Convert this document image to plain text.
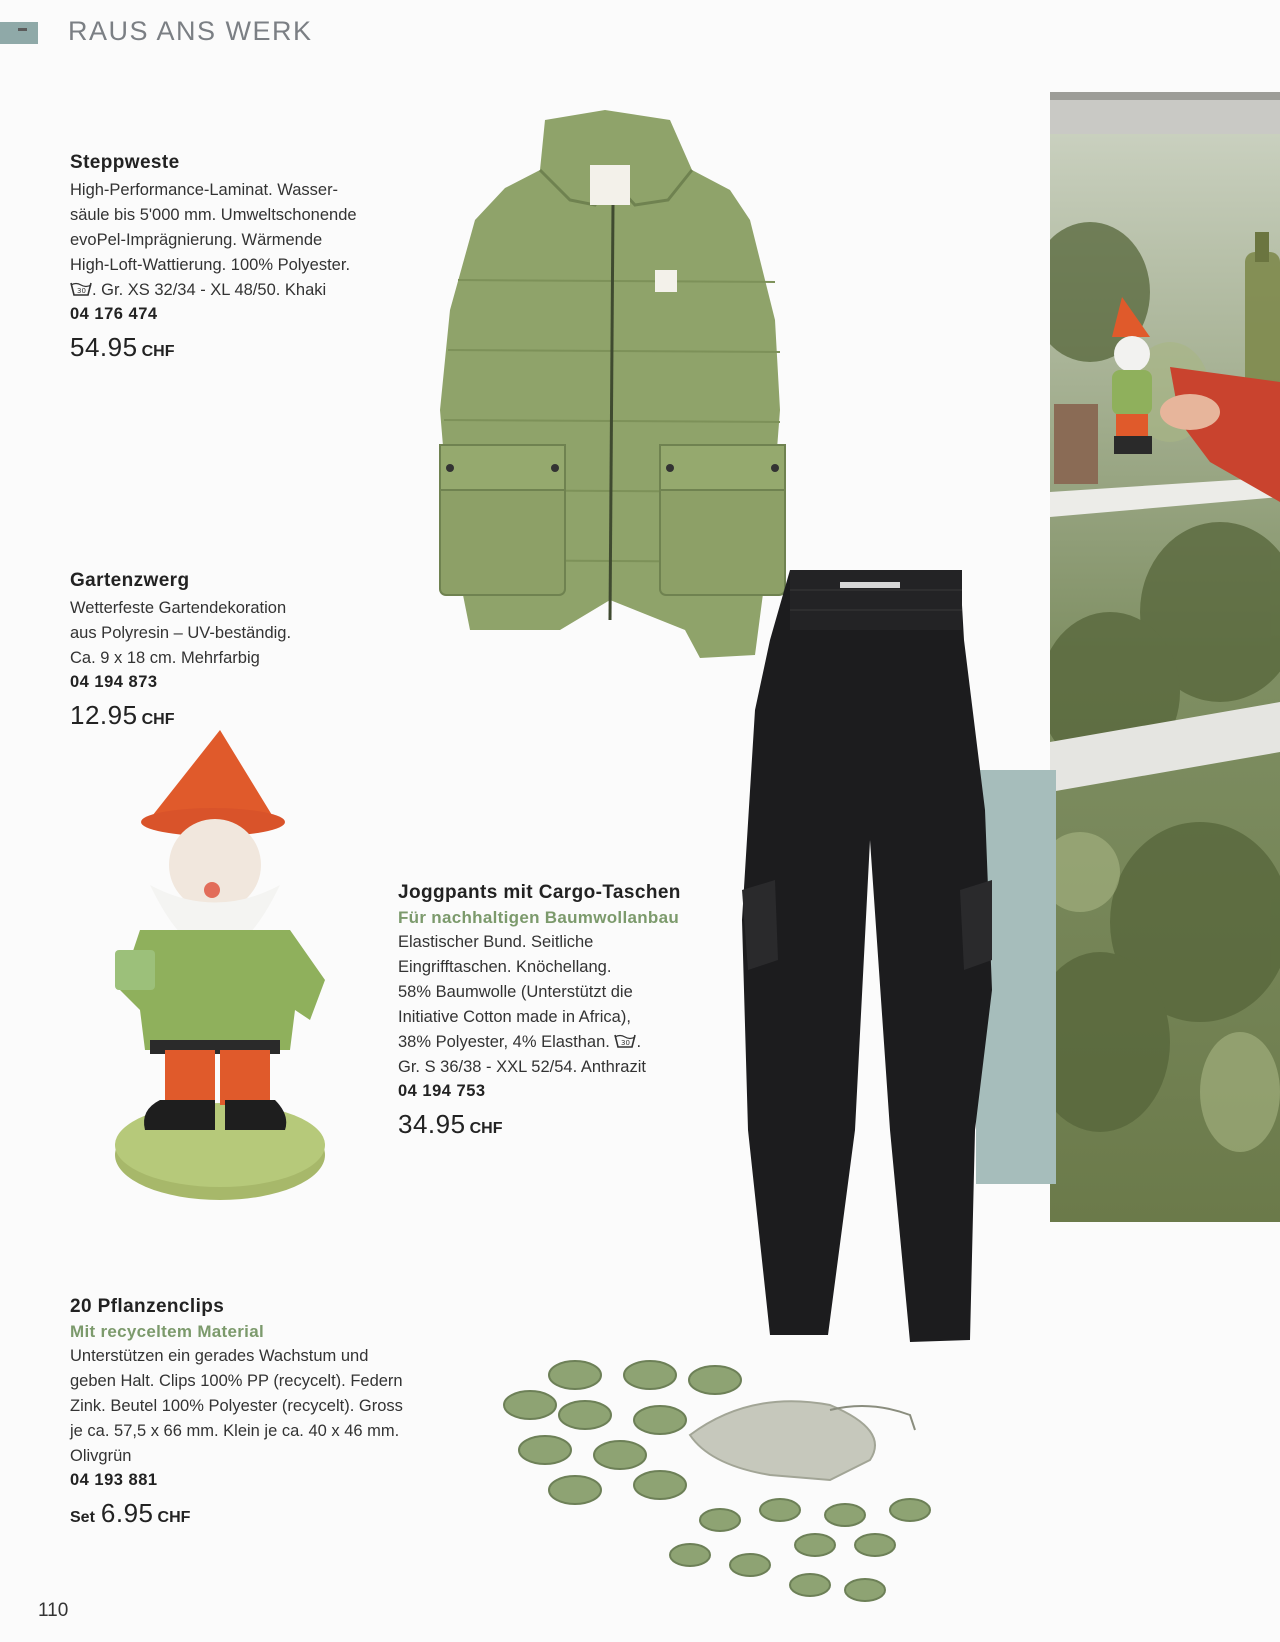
RAUS ANS WERK
Steppweste
High-Performance-Laminat. Wasser-
säule bis 5'000 mm. Umweltschonende
evoPel-Imprägnierung. Wärmende
High-Loft-Wattierung. 100% Polyester.
30 . Gr. XS 32/34 - XL 48/50. Khaki
04 176 474
54.95 CHF
Gartenzwerg
Wetterfeste Gartendekoration
aus Polyresin – UV-beständig.
Ca. 9 x 18 cm. Mehrfarbig
04 194 873
12.95 CHF
Joggpants mit Cargo-Taschen
Für nachhaltigen Baumwollanbau
Elastischer Bund. Seitliche
Eingrifftaschen. Knöchellang.
58% Baumwolle (Unterstützt die
Initiative Cotton made in Africa),
38% Polyester, 4% Elasthan. 30 .
Gr. S 36/38 - XXL 52/54. Anthrazit
04 194 753
34.95 CHF
20 Pflanzenclips
Mit recyceltem Material
Unterstützen ein gerades Wachstum und
geben Halt. Clips 100% PP (recycelt). Federn
Zink. Beutel 100% Polyester (recycelt). Gross
je ca. 57,5 x 66 mm. Klein je ca. 40 x 46 mm.
Olivgrün
04 193 881
Set 6.95 CHF
110
